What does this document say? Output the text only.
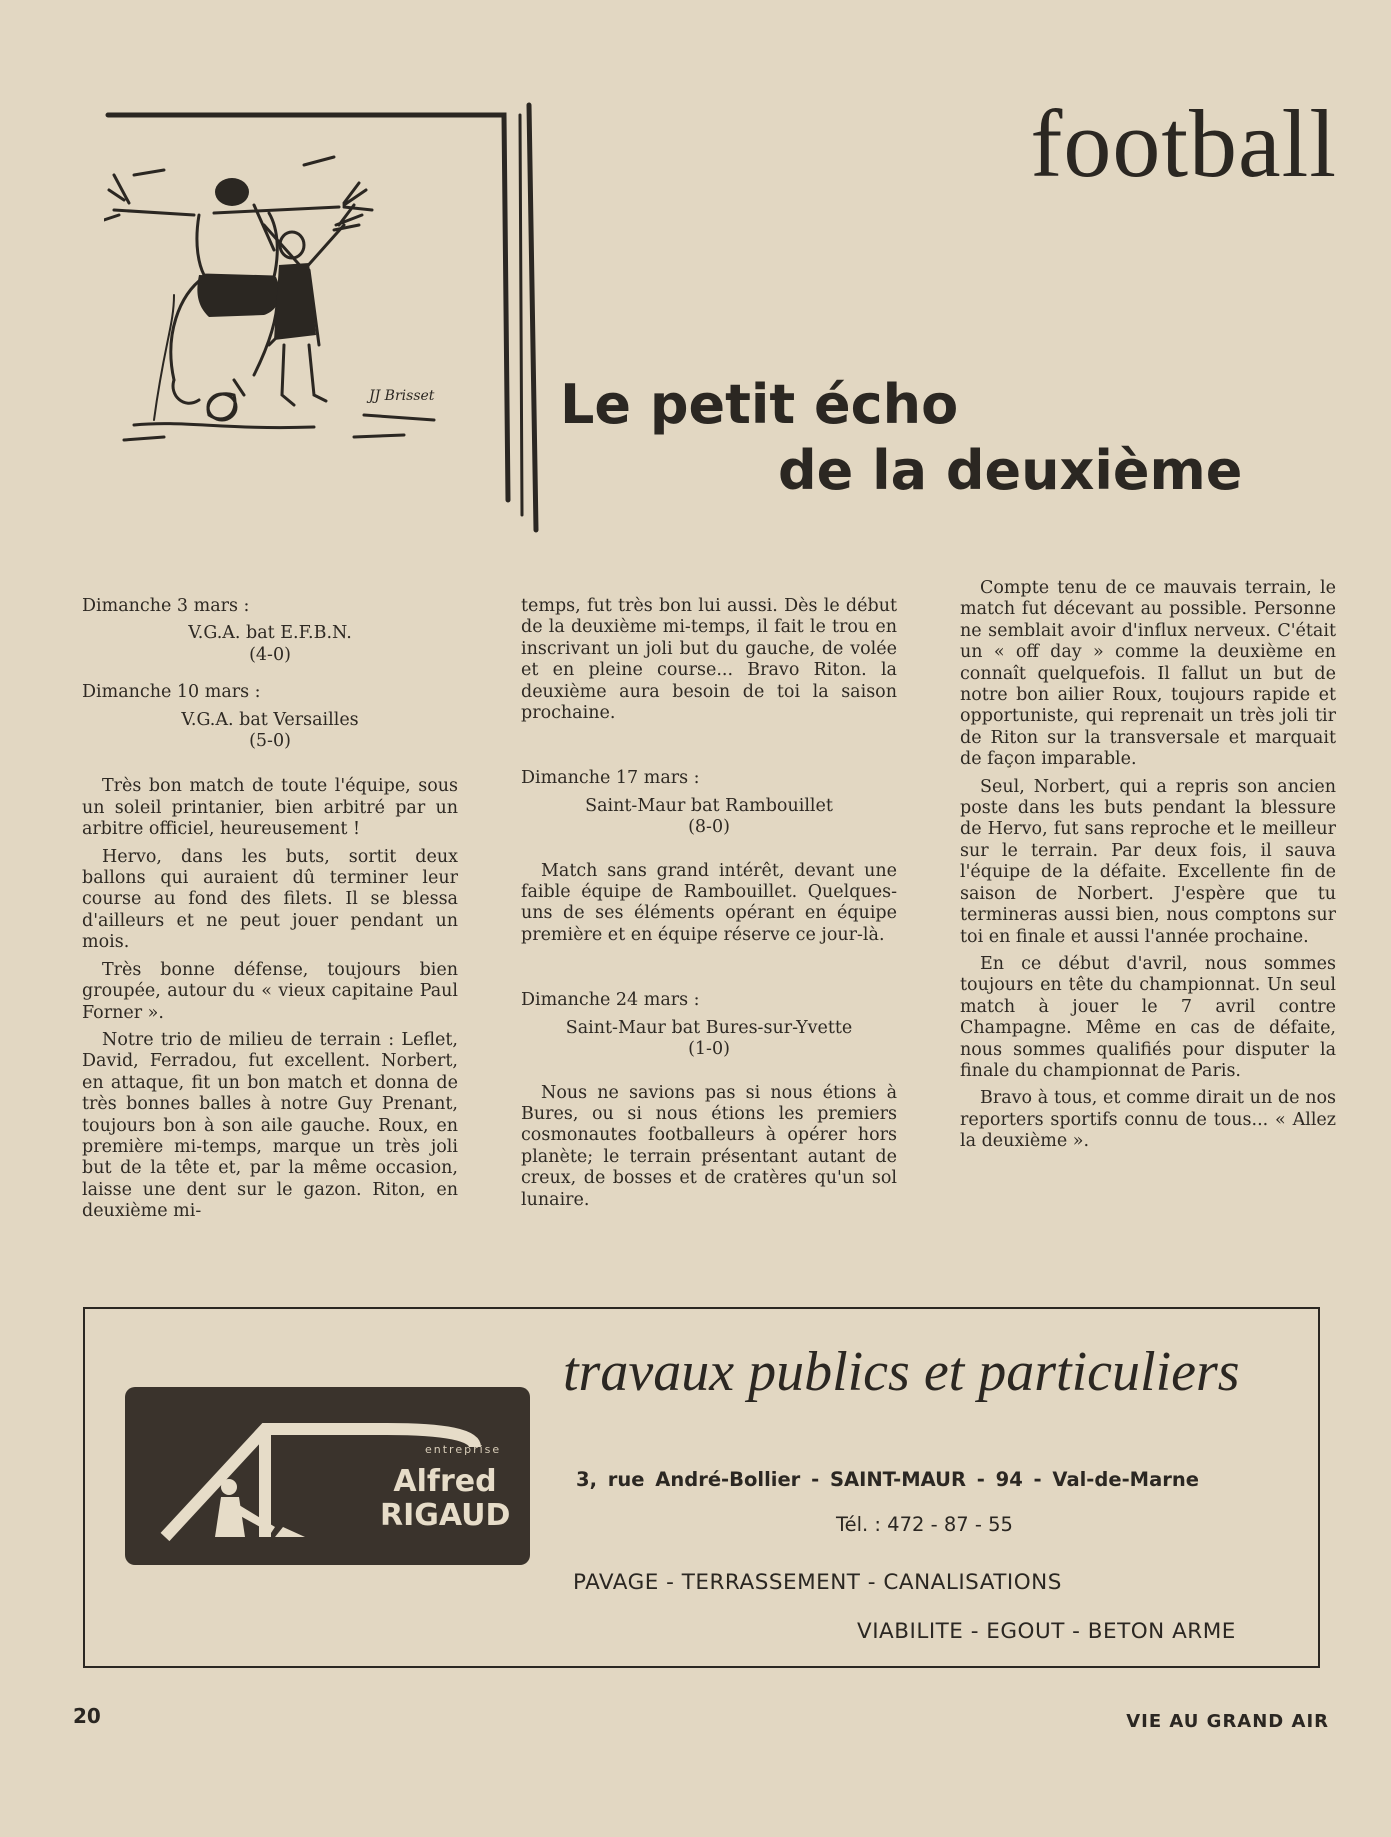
football
JJ Brisset Le petit écho
de la deuxième

Dimanche 3 mars :

V.G.A. bat E.F.B.N.

(4-0)

Dimanche 10 mars :

V.G.A. bat Versailles

(5-0)

Très bon match de toute l'équipe, sous un soleil printanier, bien arbitré par un arbitre officiel, heureusement !

Hervo, dans les buts, sortit deux ballons qui auraient dû terminer leur course au fond des filets. Il se blessa d'ailleurs et ne peut jouer pendant un mois.

Très bonne défense, toujours bien groupée, autour du « vieux capitaine Paul Forner ».

Notre trio de milieu de terrain : Leflet, David, Ferradou, fut excellent. Norbert, en attaque, fit un bon match et donna de très bonnes balles à notre Guy Prenant, toujours bon à son aile gauche. Roux, en première mi-temps, marque un très joli but de la tête et, par la même occasion, laisse une dent sur le gazon. Riton, en deuxième mi-

temps, fut très bon lui aussi. Dès le début de la deuxième mi-temps, il fait le trou en inscrivant un joli but du gauche, de volée et en pleine course... Bravo Riton. la deuxième aura besoin de toi la saison prochaine.

Dimanche 17 mars :

Saint-Maur bat Rambouillet

(8-0)

Match sans grand intérêt, devant une faible équipe de Rambouillet. Quelques-uns de ses éléments opérant en équipe première et en équipe réserve ce jour-là.

Dimanche 24 mars :

Saint-Maur bat Bures-sur-Yvette

(1-0)

Nous ne savions pas si nous étions à Bures, ou si nous étions les premiers cosmonautes footballeurs à opérer hors planète; le terrain présentant autant de creux, de bosses et de cratères qu'un sol lunaire.

Compte tenu de ce mauvais terrain, le match fut décevant au possible. Personne ne semblait avoir d'influx nerveux. C'était un « off day » comme la deuxième en connaît quelquefois. Il fallut un but de notre bon ailier Roux, toujours rapide et opportuniste, qui reprenait un très joli tir de Riton sur la transversale et marquait de façon imparable.

Seul, Norbert, qui a repris son ancien poste dans les buts pendant la blessure de Hervo, fut sans reproche et le meilleur sur le terrain. Par deux fois, il sauva l'équipe de la défaite. Excellente fin de saison de Norbert. J'espère que tu termineras aussi bien, nous comptons sur toi en finale et aussi l'année prochaine.

En ce début d'avril, nous sommes toujours en tête du championnat. Un seul match à jouer le 7 avril contre Champagne. Même en cas de défaite, nous sommes qualifiés pour disputer la finale du championnat de Paris.

Bravo à tous, et comme dirait un de nos reporters sportifs connu de tous... « Allez la deuxième ».

travaux publics et particuliers

entreprise

Alfred
RIGAUD

3, rue André-Bollier - SAINT-MAUR - 94 - Val-de-Marne

Tél. : 472 - 87 - 55

PAVAGE - TERRASSEMENT - CANALISATIONS

VIABILITE - EGOUT - BETON ARME

20	VIE AU GRAND AIR
